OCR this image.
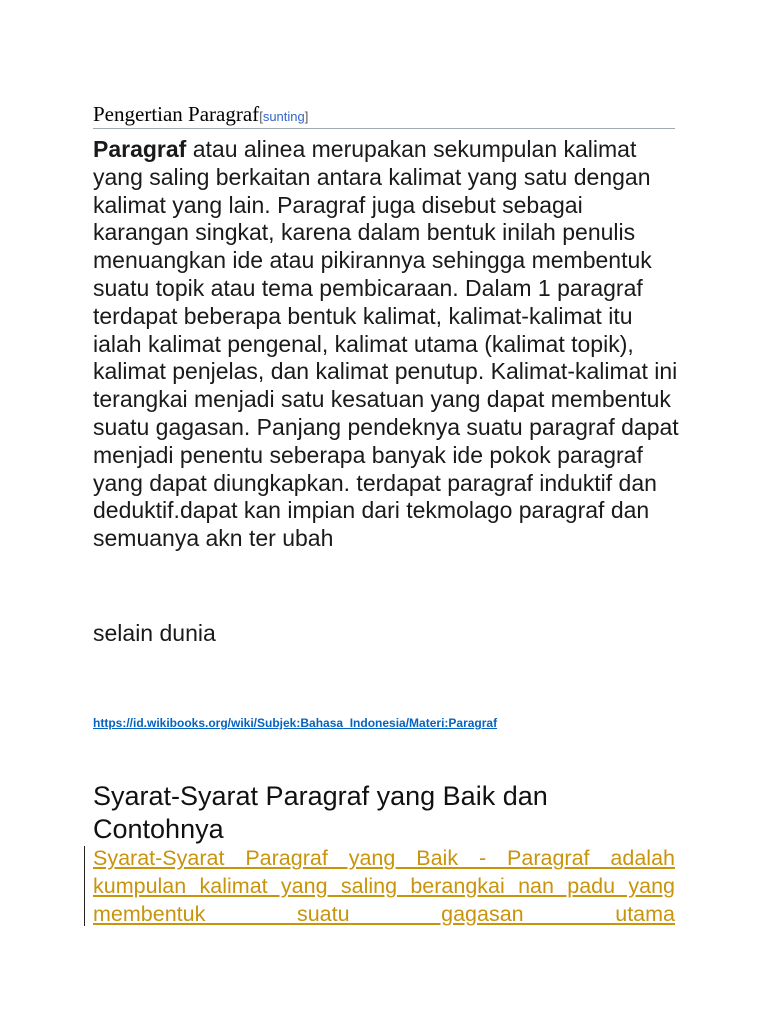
Pengertian Paragraf[sunting]

Paragraf atau alinea merupakan sekumpulan kalimat yang saling berkaitan antara kalimat yang satu dengan kalimat yang lain. Paragraf juga disebut sebagai karangan singkat, karena dalam bentuk inilah penulis menuangkan ide atau pikirannya sehingga membentuk suatu topik atau tema pembicaraan. Dalam 1 paragraf terdapat beberapa bentuk kalimat, kalimat-kalimat itu ialah kalimat pengenal, kalimat utama (kalimat topik), kalimat penjelas, dan kalimat penutup. Kalimat-kalimat ini terangkai menjadi satu kesatuan yang dapat membentuk suatu gagasan. Panjang pendeknya suatu paragraf dapat menjadi penentu seberapa banyak ide pokok paragraf yang dapat diungkapkan. terdapat paragraf induktif dan deduktif.dapat kan impian dari tekmolago paragraf dan semuanya akn ter ubah

selain dunia

https://id.wikibooks.org/wiki/Subjek:Bahasa_Indonesia/Materi:Paragraf
Syarat-Syarat Paragraf yang Baik dan Contohnya

Syarat-Syarat Paragraf yang Baik - Paragraf adalah kumpulan kalimat yang saling berangkai nan padu yang membentuk suatu gagasan utama
